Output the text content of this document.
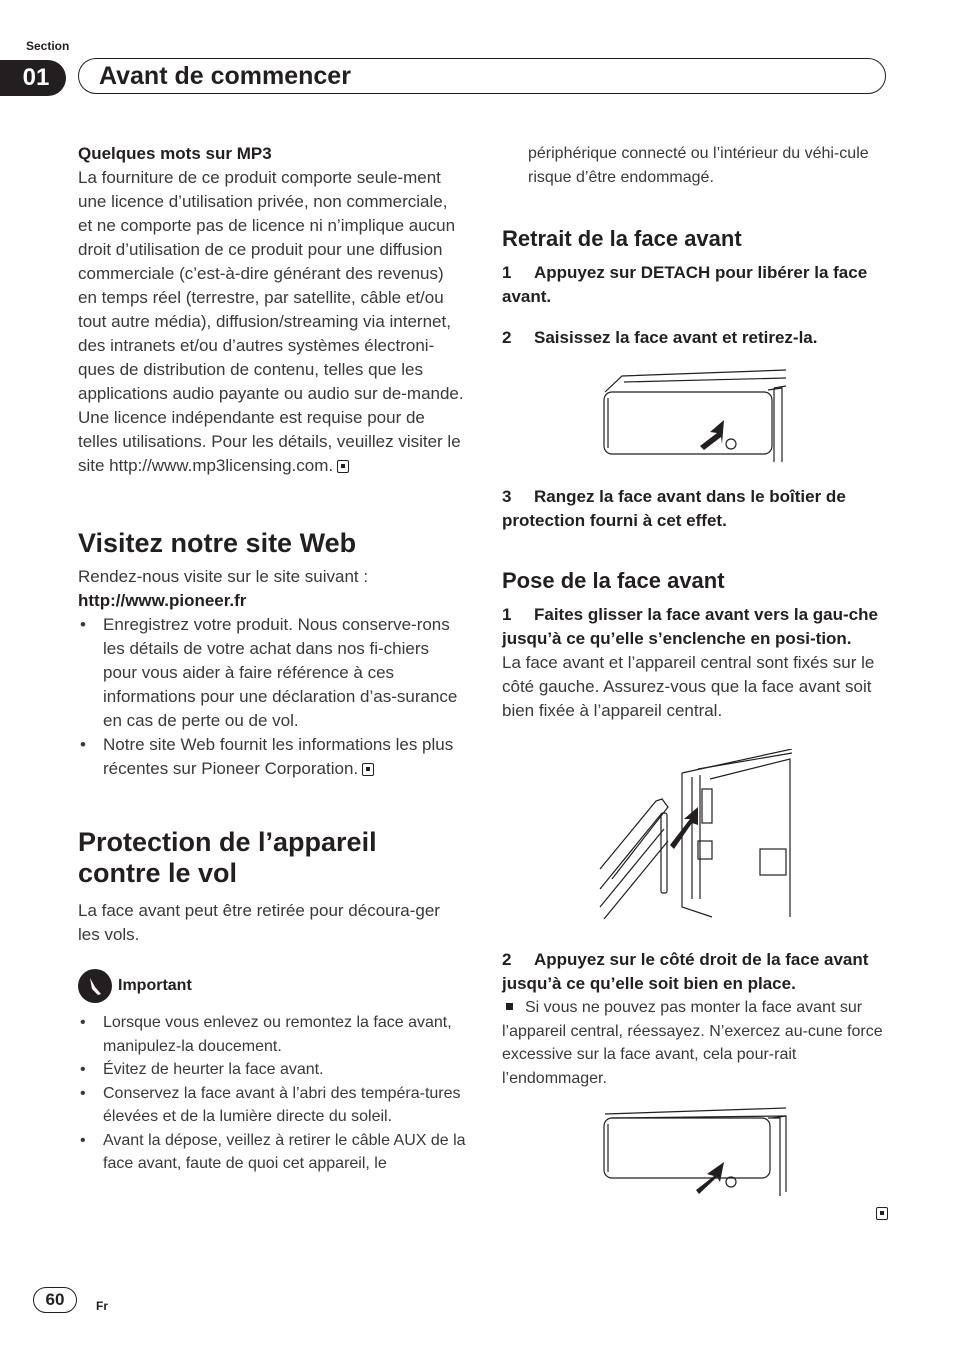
Section
01	Avant de commencer
Quelques mots sur MP3

La fourniture de ce produit comporte seule-ment une licence d’utilisation privée, non commerciale, et ne comporte pas de licence ni n’implique aucun droit d’utilisation de ce produit pour une diffusion commerciale (c’est-à-dire générant des revenus) en temps réel (terrestre, par satellite, câble et/ou tout autre média), diffusion/streaming via internet, des intranets et/ou d’autres systèmes électroni-ques de distribution de contenu, telles que les applications audio payante ou audio sur de-mande. Une licence indépendante est requise pour de telles utilisations. Pour les détails, veuillez visiter le site http://www.mp3licensing.com.

Visitez notre site Web

Rendez-nous visite sur le site suivant :

http://www.pioneer.fr
• Enregistrez votre produit. Nous conserve-rons les détails de votre achat dans nos fi-chiers pour vous aider à faire référence à ces informations pour une déclaration d’as-surance en cas de perte ou de vol.
• Notre site Web fournit les informations les plus récentes sur Pioneer Corporation.
Protection de l’appareil
contre le vol

La face avant peut être retirée pour découra-ger les vols.

Important
• Lorsque vous enlevez ou remontez la face avant, manipulez-la doucement.
• Évitez de heurter la face avant.
• Conservez la face avant à l’abri des tempéra-tures élevées et de la lumière directe du soleil.
• Avant la dépose, veillez à retirer le câble AUX de la face avant, faute de quoi cet appareil, le

périphérique connecté ou l’intérieur du véhi-cule risque d’être endommagé.

Retrait de la face avant

1 Appuyez sur DETACH pour libérer la face avant.

2 Saisissez la face avant et retirez-la.

3 Rangez la face avant dans le boîtier de protection fourni à cet effet.

Pose de la face avant

1 Faites glisser la face avant vers la gau-che jusqu’à ce qu’elle s’enclenche en posi-tion.

La face avant et l’appareil central sont fixés sur le côté gauche. Assurez-vous que la face avant soit bien fixée à l’appareil central.

2 Appuyez sur le côté droit de la face avant jusqu’à ce qu’elle soit bien en place.

Si vous ne pouvez pas monter la face avant sur l’appareil central, réessayez. N’exercez au-cune force excessive sur la face avant, cela pour-rait l’endommager.

60	Fr
